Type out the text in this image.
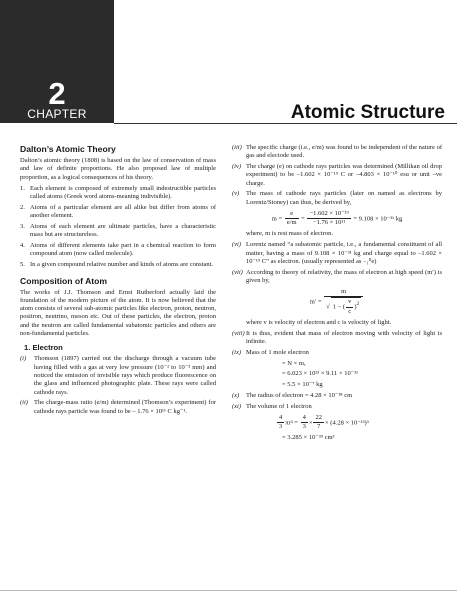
2
CHAPTER	Atomic Structure
Dalton’s Atomic Theory

Dalton’s atomic theory (1808) is based on the law of conservation of mass and law of definite proportions. He also proposed law of multiple proportion, as a logical consequences of his theory.

1. Each element is composed of extremely small indestructible particles called atoms (Greek word atoms-meaning indivisible).
2. Atoms of a particular element are all alike but differ from atoms of another element.
3. Atoms of each element are ultimate particles, have a characteristic mass but are structureless.
4. Atoms of different elements take part in a chemical reaction to form compound atom (now called molecule).
5. In a given compound relative number and kinds of atoms are constant.
Composition of Atom

The works of J.J. Thomson and Ernst Rutherford actually laid the foundation of the modern picture of the atom. It is now believed that the atom consists of several sub-atomic particles like electron, proton, neutron, positron, neutrino, meson etc. Out of these particles, the electron, proton and the neutron are called fundamental subatomic particles and others are non-fundamental particles.

1. Electron
(i)	Thomson (1897) carried out the discharge through a vacuum tube having filled with a gas at very low pressure (10⁻² to 10⁻³ mm) and noticed the emission of invisible rays which produce fluorescence on the glass and influenced photographic plate. These rays were called cathode rays.
(ii) The charge-mass ratio (e/m) determined (Thomson’s experiment) for cathode rays particle was found to be – 1.76 × 10¹¹ C kg⁻¹.
(iii) The specific charge (i.e., e/m) was found to be independent of the nature of gas and electode used.
(iv) The charge (e) on cathode rays particles was determined (Millikan oil drop experiment) to be –1.602 × 10⁻¹⁹ C or –4.803 × 10⁻¹⁰ esu or unit –ve charge.
(v)	The mass of cathode rays particles (later on named as electrons by Lorentz/Stoney) can thus, be derived by,
$m = \frac{e}{e/m} = \frac{\text{−1.602 × 10⁻¹⁹}}{\text{−1.76 × 10¹¹}} = 9.108 \times 10^{-31}$ kg

where, m is rest mass of electron.

(vi) Lorentz named “a subatomic particle, i.e., a fundamental constituent of all matter, having a mass of 9.108 × 10⁻³¹ kg and charge equal to –1.602 × 10⁻¹⁹ C” as electron. (usually represented as ₋₁⁰e)
(vii) According to theory of relativity, the mass of electron at high speed (m′) is given by,
$m' = \frac{m}{√ 1 - ( \frac{v}{c} )^2}$

where v is velocity of electron and c is velocity of light.

(viii) It is thus, evident that mass of electron moving with velocity of light is infinite.
(ix) Mass of 1 mole electron
= N × mₑ
= 6.023 × 10²³ × 9.11 × 10⁻³¹
= 5.5 × 10⁻⁷ kg
(x)	The radius of electron = 4.28 × 10⁻¹⁸ cm
(xi) The volume of 1 electron
$\frac{4}{3} \pi r^3 = \frac{4}{3} \times \frac{22}{7} \times (4.28 \times 10^{-13})^3$
= 3.285 × 10⁻³⁹ cm³
